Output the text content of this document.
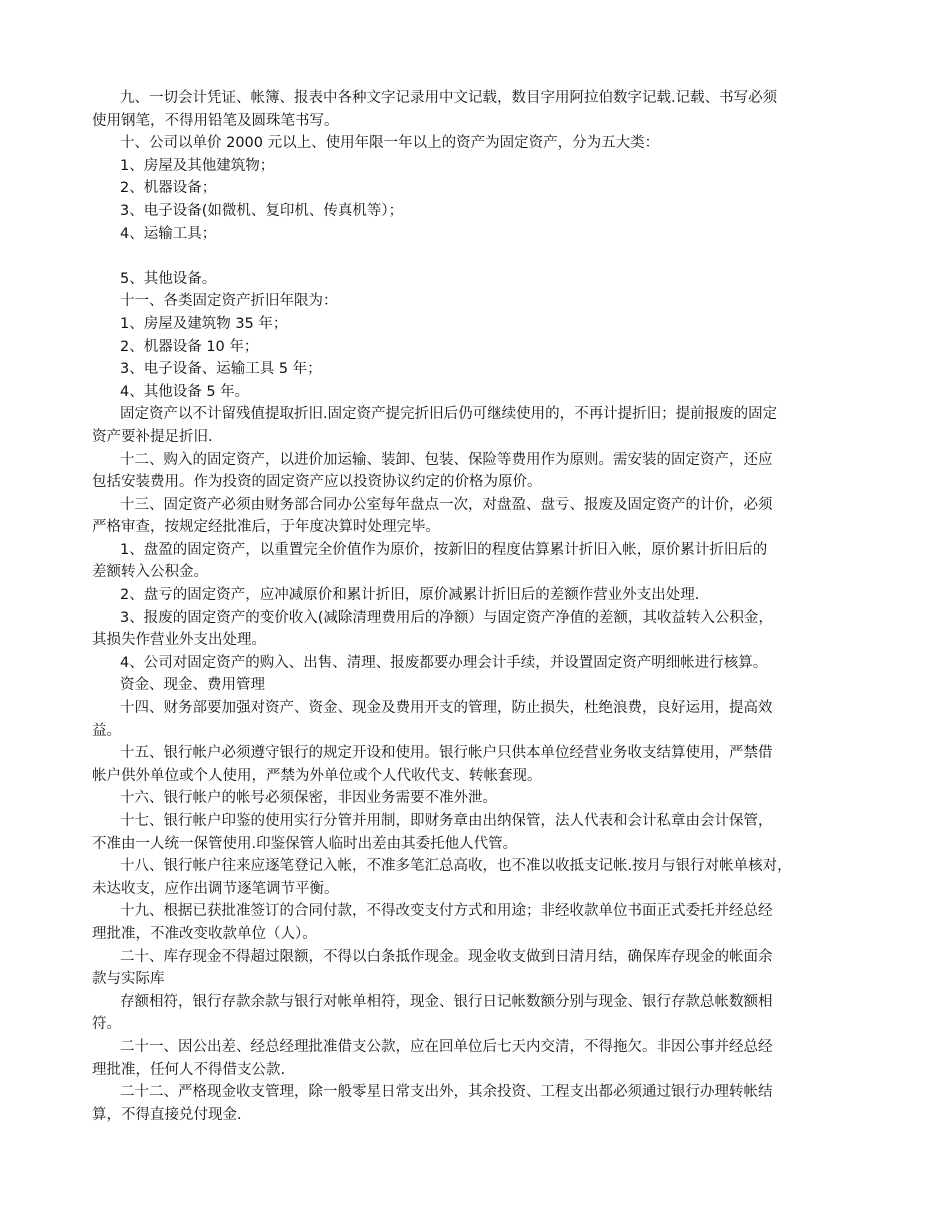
九、一切会计凭证、帐簿、报表中各种文字记录用中文记载，数目字用阿拉伯数字记载.记载、书写必须
使用钢笔，不得用铅笔及圆珠笔书写。

十、公司以单价 2000 元以上、使用年限一年以上的资产为固定资产，分为五大类：

1、房屋及其他建筑物；

2、机器设备；

3、电子设备(如微机、复印机、传真机等）；

4、运输工具；

5、其他设备。

十一、各类固定资产折旧年限为：

1、房屋及建筑物 35 年；

2、机器设备 10 年；

3、电子设备、运输工具 5 年；

4、其他设备 5 年。

固定资产以不计留残值提取折旧.固定资产提完折旧后仍可继续使用的，不再计提折旧；提前报废的固定
资产要补提足折旧.

十二、购入的固定资产，以进价加运输、装卸、包装、保险等费用作为原则。需安装的固定资产，还应
包括安装费用。作为投资的固定资产应以投资协议约定的价格为原价。

十三、固定资产必须由财务部合同办公室每年盘点一次，对盘盈、盘亏、报废及固定资产的计价，必须
严格审查，按规定经批准后，于年度决算时处理完毕。

1、盘盈的固定资产，以重置完全价值作为原价，按新旧的程度估算累计折旧入帐，原价累计折旧后的
差额转入公积金。

2、盘亏的固定资产，应冲减原价和累计折旧，原价减累计折旧后的差额作营业外支出处理.

3、报废的固定资产的变价收入(减除清理费用后的净额）与固定资产净值的差额，其收益转入公积金，
其损失作营业外支出处理。

4、公司对固定资产的购入、出售、清理、报废都要办理会计手续，并设置固定资产明细帐进行核算。

资金、现金、费用管理

十四、财务部要加强对资产、资金、现金及费用开支的管理，防止损失，杜绝浪费，良好运用，提高效
益。

十五、银行帐户必须遵守银行的规定开设和使用。银行帐户只供本单位经营业务收支结算使用，严禁借
帐户供外单位或个人使用，严禁为外单位或个人代收代支、转帐套现。

十六、银行帐户的帐号必须保密，非因业务需要不准外泄。

十七、银行帐户印鉴的使用实行分管并用制，即财务章由出纳保管，法人代表和会计私章由会计保管，
不准由一人统一保管使用.印鉴保管人临时出差由其委托他人代管。

十八、银行帐户往来应逐笔登记入帐，不准多笔汇总高收，也不准以收抵支记帐.按月与银行对帐单核对，
未达收支，应作出调节逐笔调节平衡。

十九、根据已获批准签订的合同付款，不得改变支付方式和用途；非经收款单位书面正式委托并经总经
理批准，不准改变收款单位（人）。

二十、库存现金不得超过限额，不得以白条抵作现金。现金收支做到日清月结，确保库存现金的帐面余
款与实际库

存额相符，银行存款余款与银行对帐单相符，现金、银行日记帐数额分别与现金、银行存款总帐数额相
符。

二十一、因公出差、经总经理批准借支公款，应在回单位后七天内交清，不得拖欠。非因公事并经总经
理批准，任何人不得借支公款.

二十二、严格现金收支管理，除一般零星日常支出外，其余投资、工程支出都必须通过银行办理转帐结
算，不得直接兑付现金.
